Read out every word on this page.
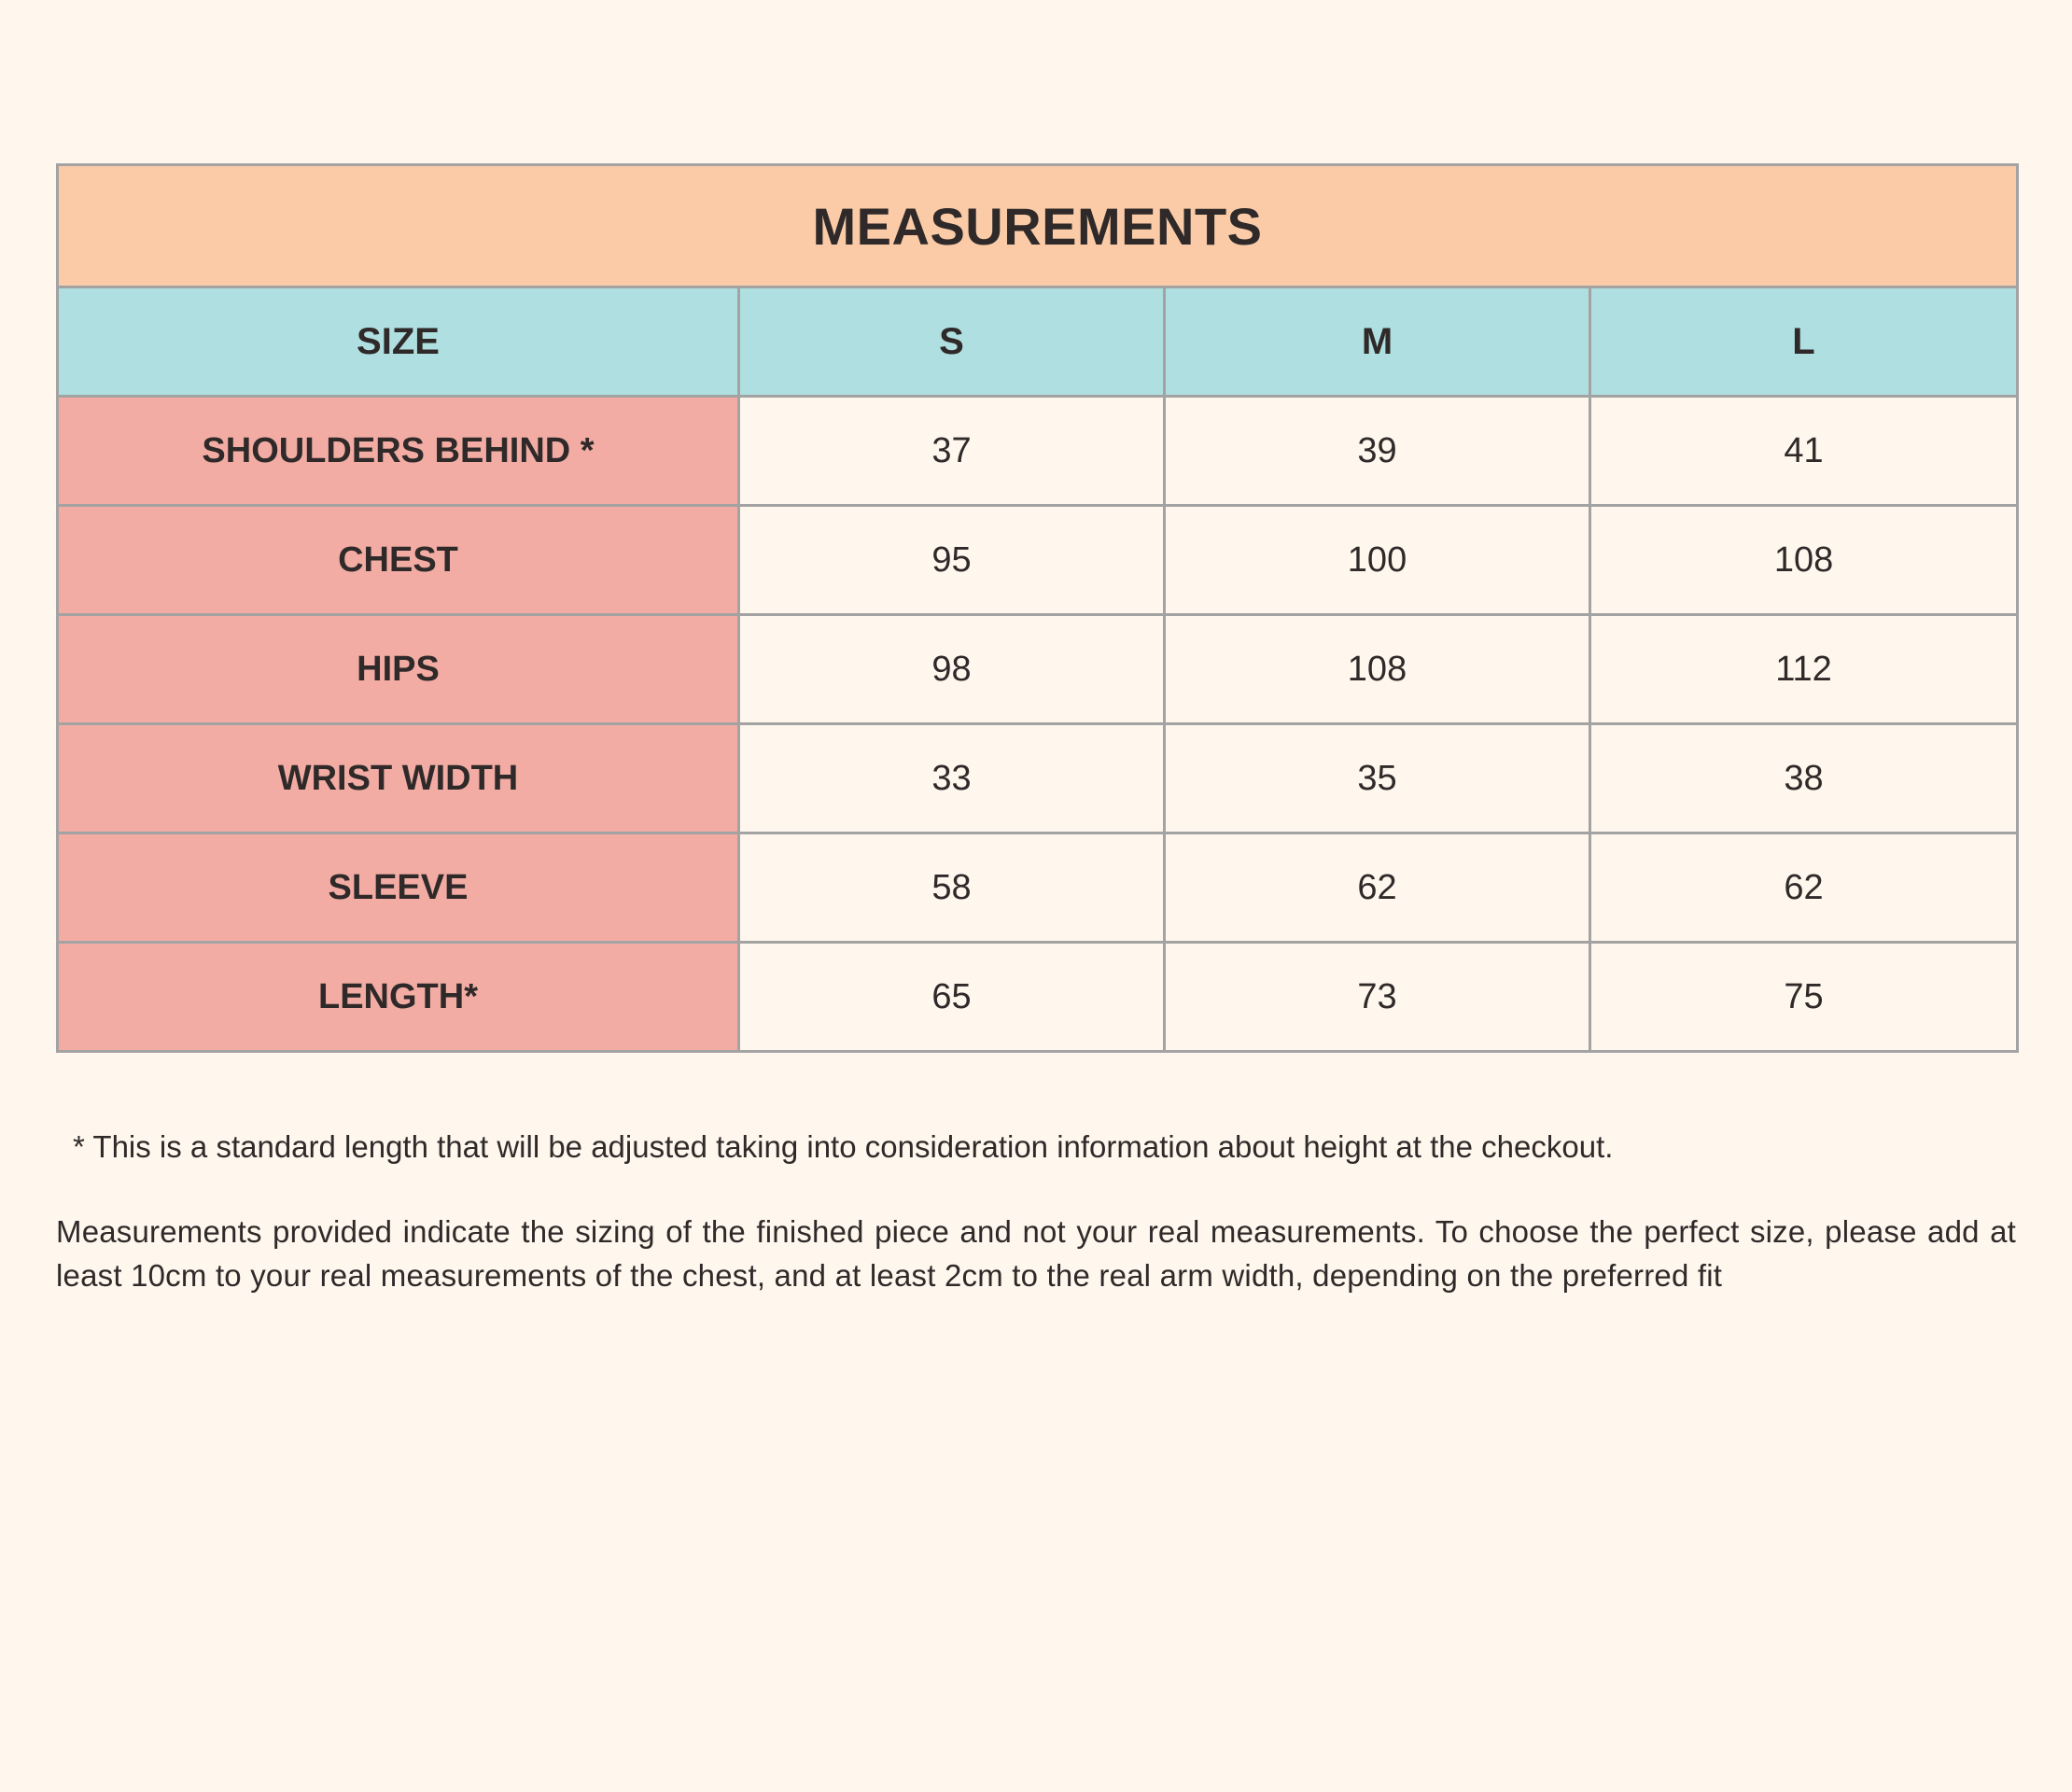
MEASUREMENTS			
SIZE	S	M	L
SHOULDERS BEHIND *	37	39	41
CHEST	95	100	108
HIPS	98	108	112
WRIST WIDTH	33	35	38
SLEEVE	58	62	62
LENGTH*	65	73	75
* This is a standard length that will be adjusted taking into consideration information about height at the checkout.
Measurements provided indicate the sizing of the finished piece and not your real measurements. To choose the perfect size, please add at least 10cm to your real measurements of the chest, and at least 2cm to the real arm width, depending on the preferred fit
